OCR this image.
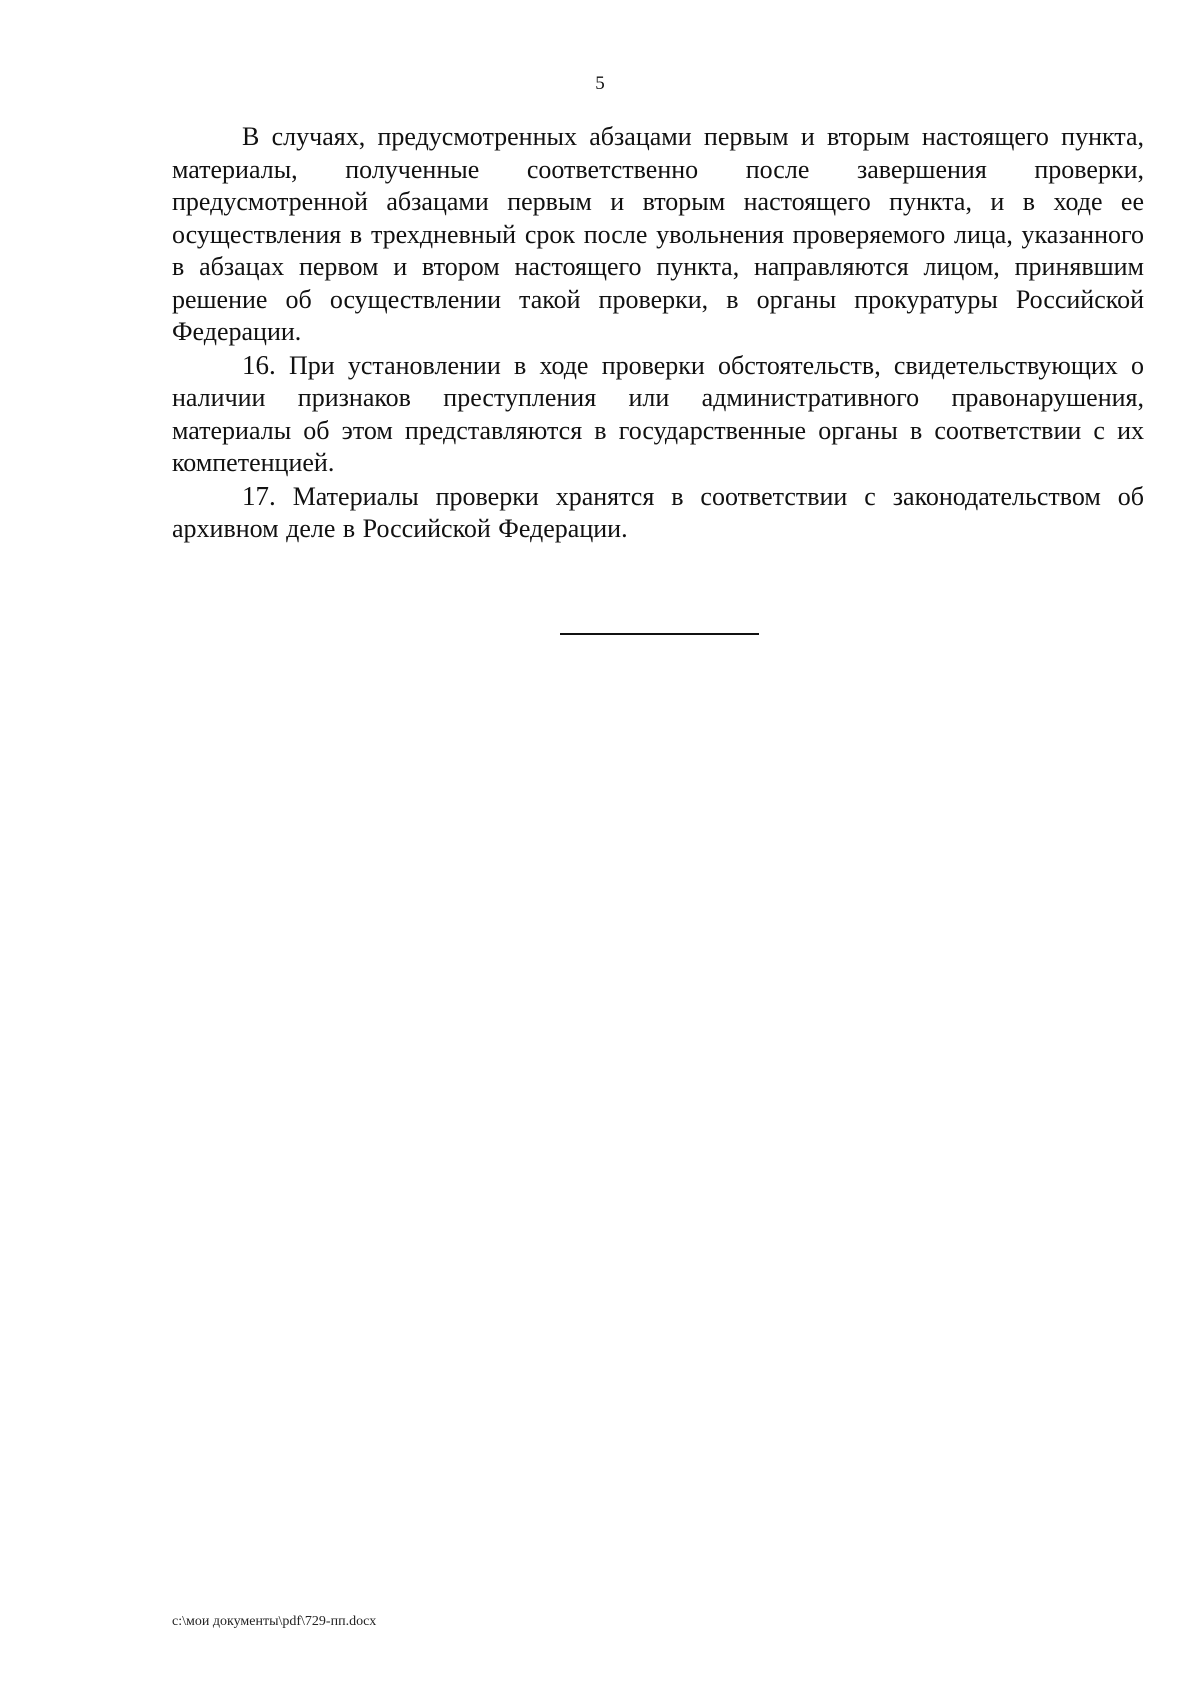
5

В случаях, предусмотренных абзацами первым и вторым настоящего пункта, материалы, полученные соответственно после завершения проверки, предусмотренной абзацами первым и вторым настоящего пункта, и в ходе ее осуществления в трехдневный срок после увольнения проверяемого лица, указанного в абзацах первом и втором настоящего пункта, направляются лицом, принявшим решение об осуществлении такой проверки, в органы прокуратуры Российской Федерации.

16. При установлении в ходе проверки обстоятельств, свидетельствующих о наличии признаков преступления или административного правонарушения, материалы об этом представляются в государственные органы в соответствии с их компетенцией.

17. Материалы проверки хранятся в соответствии с законодательством об архивном деле в Российской Федерации.

c:\мои документы\pdf\729-пп.docx
